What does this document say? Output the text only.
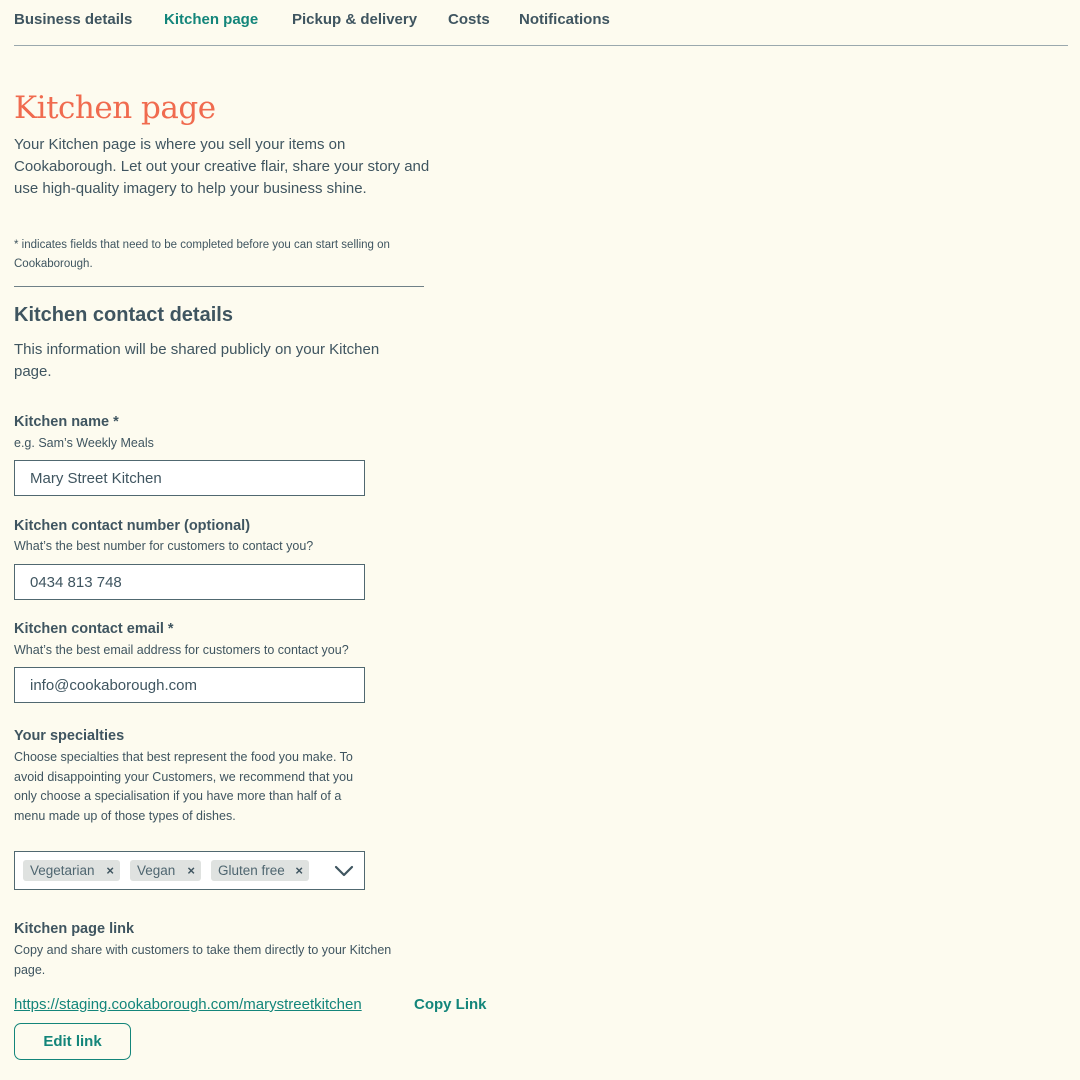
Business details Kitchen page Pickup & delivery Costs Notifications
Kitchen page

Your Kitchen page is where you sell your items on Cookaborough. Let out your creative flair, share your story and use high-quality imagery to help your business shine.

* indicates fields that need to be completed before you can start selling on Cookaborough.

Kitchen contact details

This information will be shared publicly on your Kitchen page.

Kitchen name *
e.g. Sam’s Weekly Meals
Mary Street Kitchen
Kitchen contact number (optional)
What’s the best number for customers to contact you?
0434 813 748
Kitchen contact email *
What’s the best email address for customers to contact you?
info@cookaborough.com
Your specialties
Choose specialties that best represent the food you make. To avoid disappointing your Customers, we recommend that you only choose a specialisation if you have more than half of a menu made up of those types of dishes.
Vegetarian ×	Vegan ×	Gluten free ×
Kitchen page link
Copy and share with customers to take them directly to your Kitchen page.
https://staging.cookaborough.com/marystreetkitchen	Copy Link
Edit link
